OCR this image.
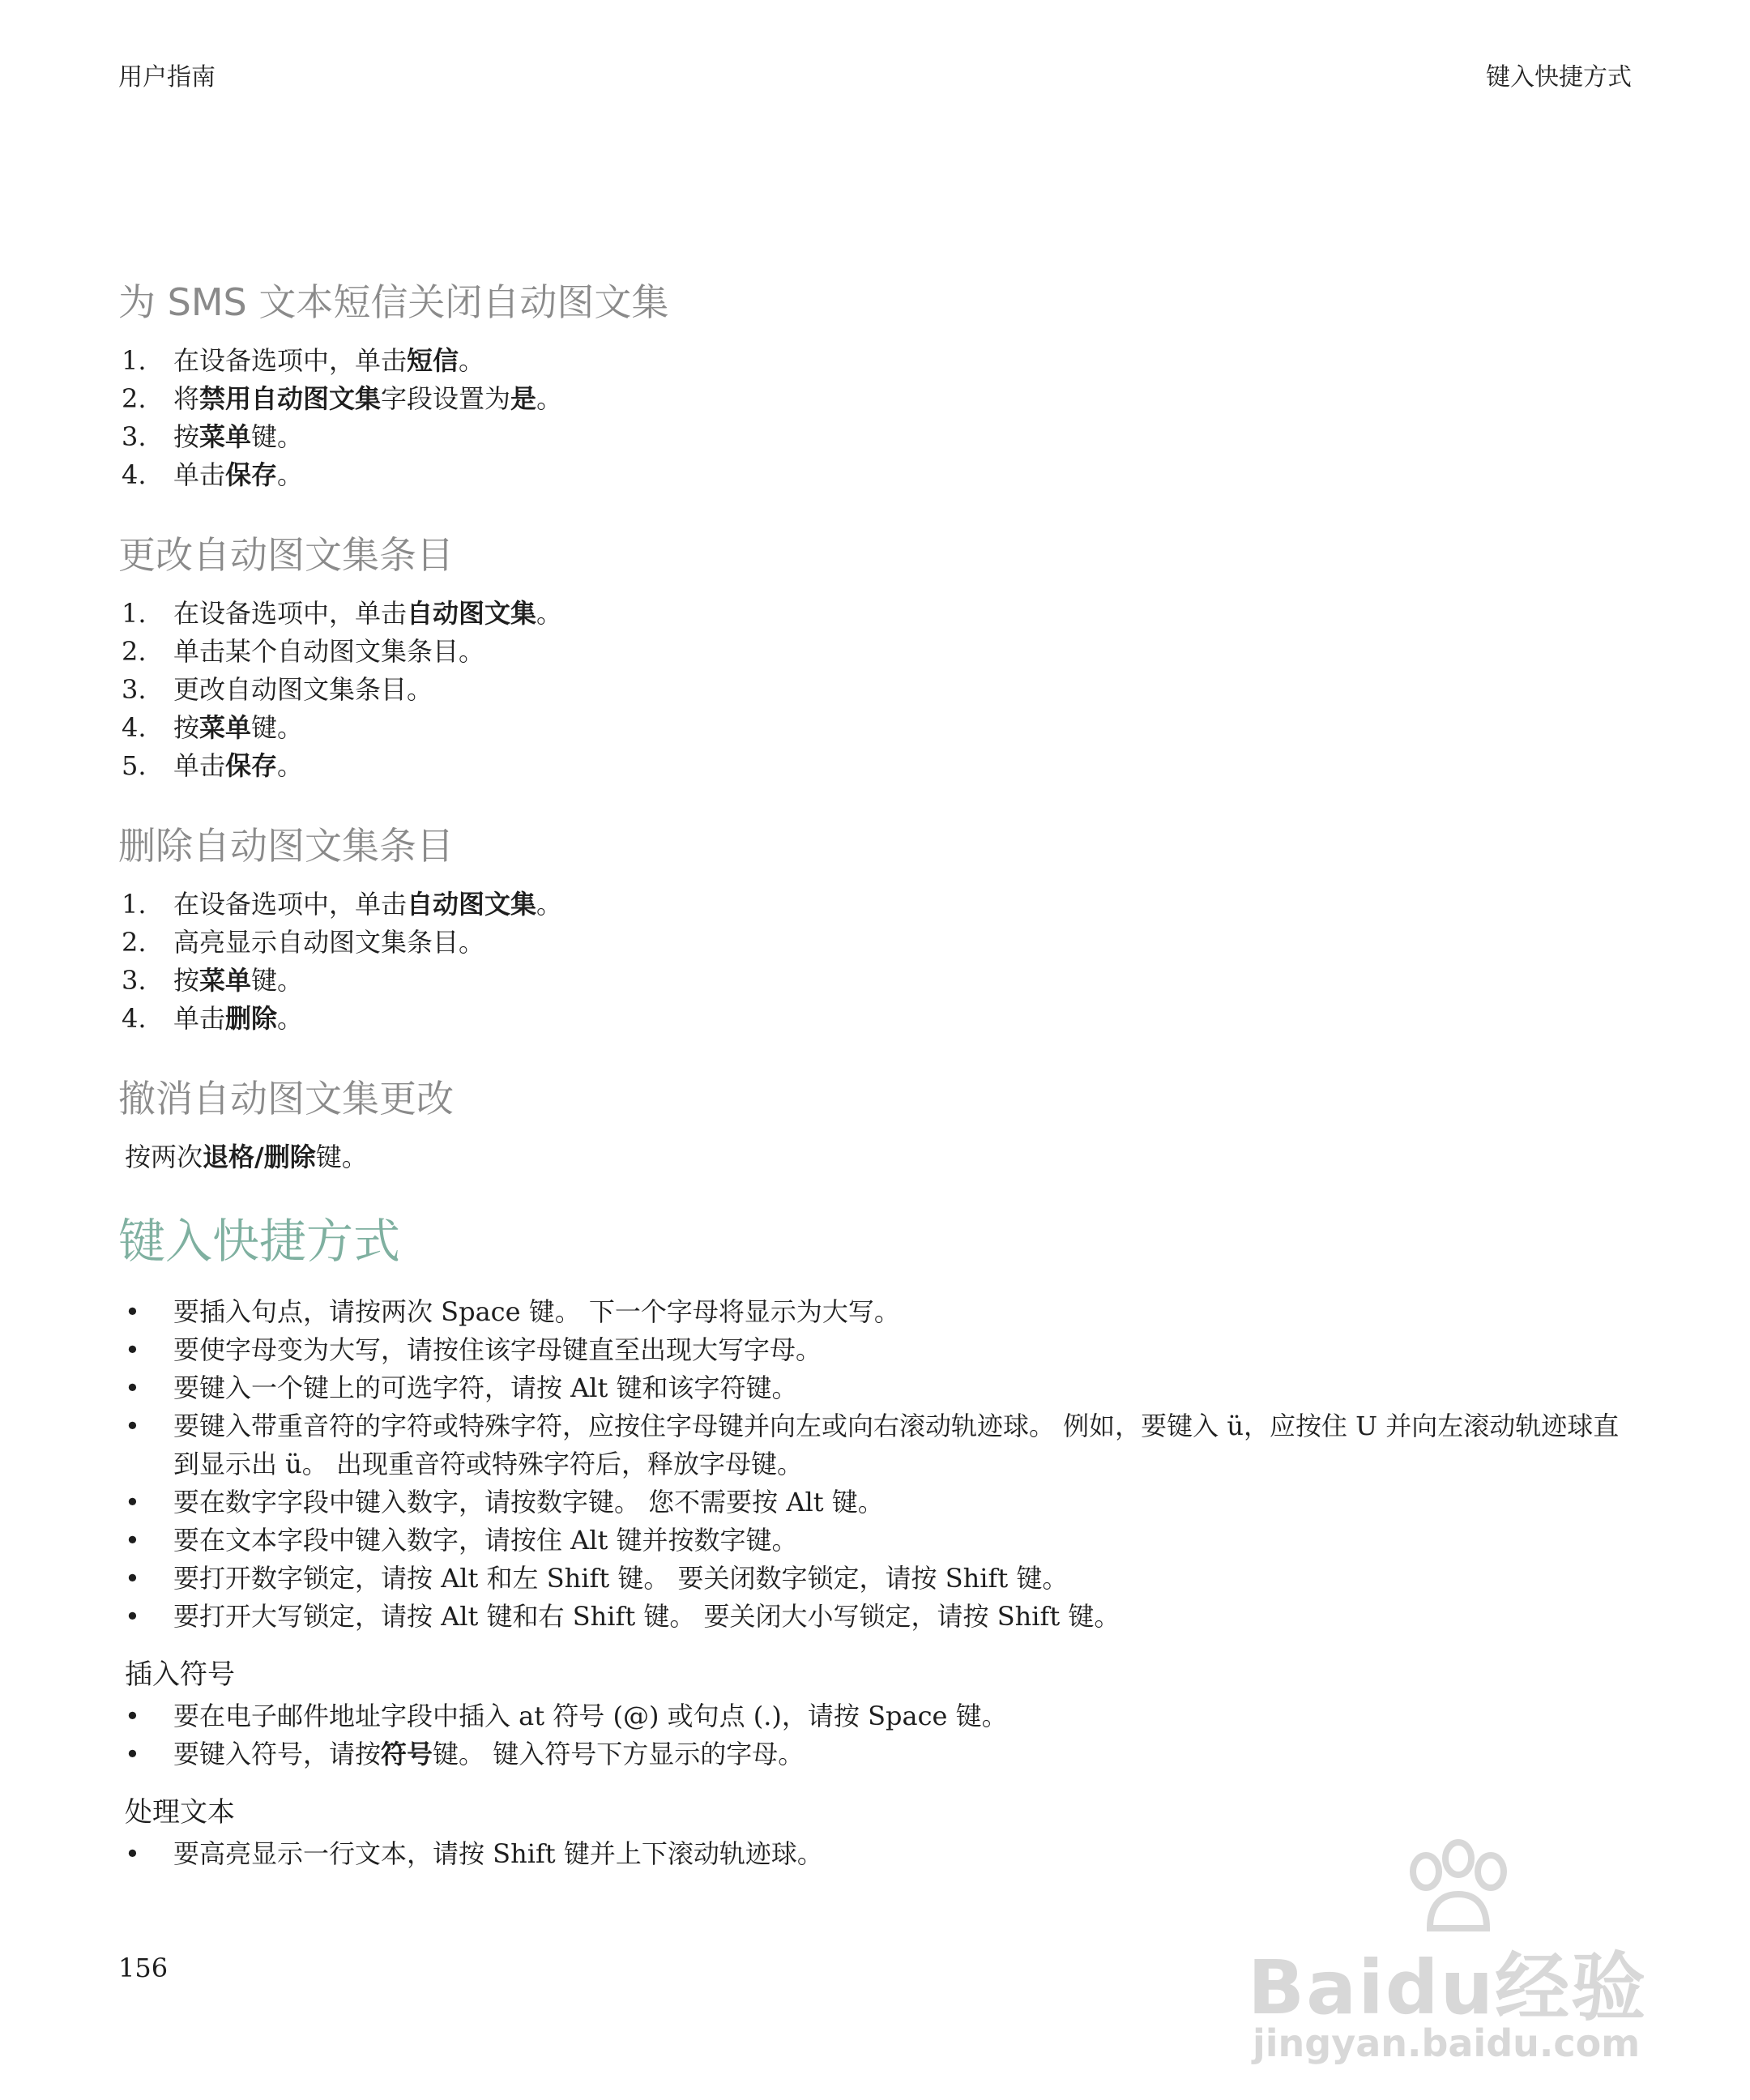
用户指南	键入快捷方式
为 SMS 文本短信关闭自动图文集
1.	在设备选项中，单击短信。
2.	将禁用自动图文集字段设置为是。
3.	按菜单键。
4.	单击保存。
更改自动图文集条目
1.	在设备选项中，单击自动图文集。
2.	单击某个自动图文集条目。
3.	更改自动图文集条目。
4.	按菜单键。
5.	单击保存。
删除自动图文集条目
1.	在设备选项中，单击自动图文集。
2.	高亮显示自动图文集条目。
3.	按菜单键。
4.	单击删除。
撤消自动图文集更改
按两次退格/删除键。
键入快捷方式
•	要插入句点，请按两次 Space 键。 下一个字母将显示为大写。
•	要使字母变为大写，请按住该字母键直至出现大写字母。
•	要键入一个键上的可选字符，请按 Alt 键和该字符键。
•	要键入带重音符的字符或特殊字符，应按住字母键并向左或向右滚动轨迹球。 例如，要键入 ü，应按住 U 并向左滚动轨迹球直到显示出 ü。 出现重音符或特殊字符后，释放字母键。
•	要在数字字段中键入数字，请按数字键。 您不需要按 Alt 键。
•	要在文本字段中键入数字，请按住 Alt 键并按数字键。
•	要打开数字锁定，请按 Alt 和左 Shift 键。 要关闭数字锁定，请按 Shift 键。
•	要打开大写锁定，请按 Alt 键和右 Shift 键。 要关闭大小写锁定，请按 Shift 键。
插入符号
•	要在电子邮件地址字段中插入 at 符号 (@) 或句点 (.)，请按 Space 键。
•	要键入符号，请按符号键。 键入符号下方显示的字母。
处理文本
•	要高亮显示一行文本，请按 Shift 键并上下滚动轨迹球。
156	Baidu经验
jingyan.baidu.com
